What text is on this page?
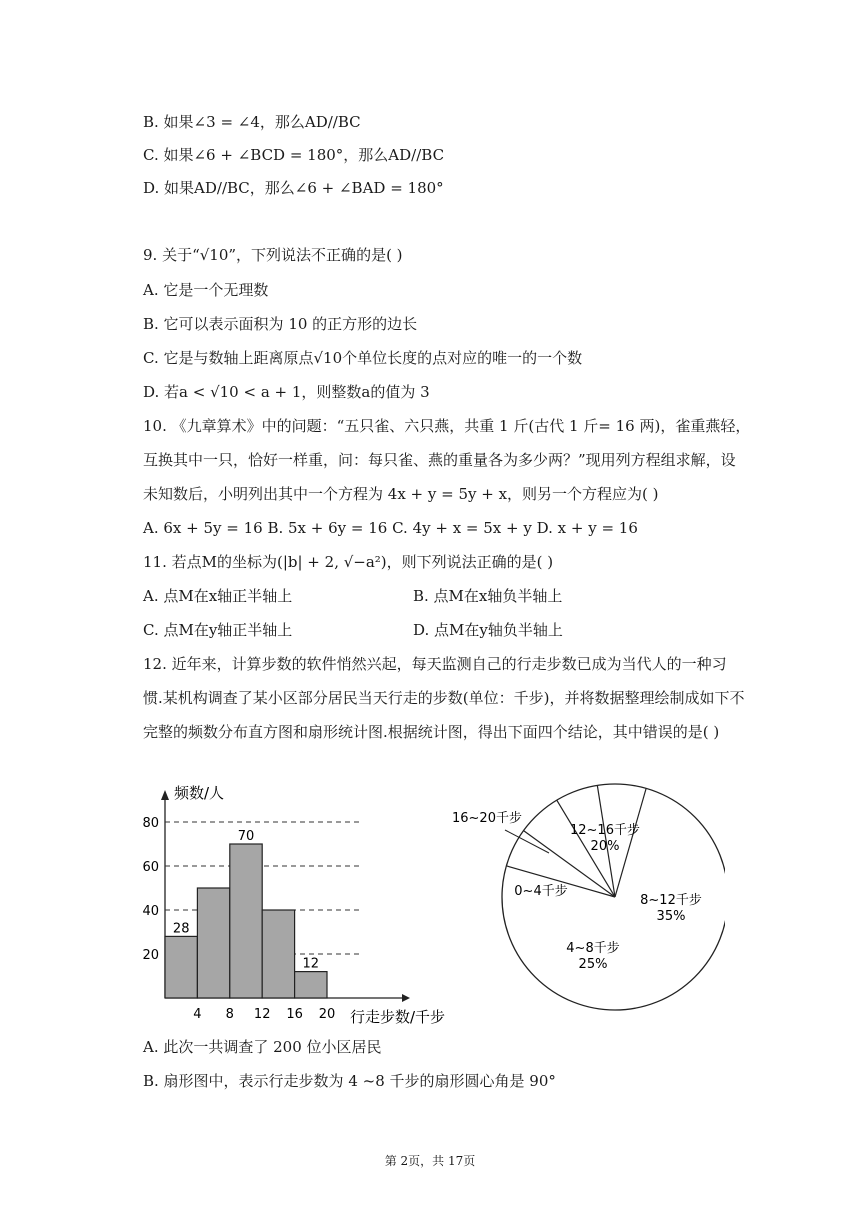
B. 如果∠3 = ∠4，那么AD//BC
C. 如果∠6 + ∠BCD = 180°，那么AD//BC
D. 如果AD//BC，那么∠6 + ∠BAD = 180°
9. 关于“√10”，下列说法不正确的是( )
A. 它是一个无理数
B. 它可以表示面积为 10 的正方形的边长
C. 它是与数轴上距离原点√10个单位长度的点对应的唯一的一个数
D. 若a < √10 < a + 1，则整数a的值为 3
10. 《九章算术》中的问题：“五只雀、六只燕，共重 1 斤(古代 1 斤= 16 两)，雀重燕轻，
互换其中一只，恰好一样重，问：每只雀、燕的重量各为多少两？”现用列方程组求解，设
未知数后，小明列出其中一个方程为 4x + y = 5y + x，则另一个方程应为( )
A. 6x + 5y = 16 B. 5x + 6y = 16 C. 4y + x = 5x + y D. x + y = 16
11. 若点M的坐标为(|b| + 2, √−a²)，则下列说法正确的是( )
A. 点M在x轴正半轴上	B. 点M在x轴负半轴上
C. 点M在y轴正半轴上	D. 点M在y轴负半轴上
12. 近年来，计算步数的软件悄然兴起，每天监测自己的行走步数已成为当代人的一种习
惯.某机构调查了某小区部分居民当天行走的步数(单位：千步)，并将数据整理绘制成如下不
完整的频数分布直方图和扇形统计图.根据统计图，得出下面四个结论，其中错误的是( )
20
40
60
80
28
70
12
4 8 12 16 20
频数/人
行走步数/千步
16~20千步
12~16千步
20%
8~12千步
35%
4~8千步
25%
0~4千步
A. 此次一共调查了 200 位小区居民
B. 扇形图中，表示行走步数为 4 ~8 千步的扇形圆心角是 90°
第 2页，共 17页
